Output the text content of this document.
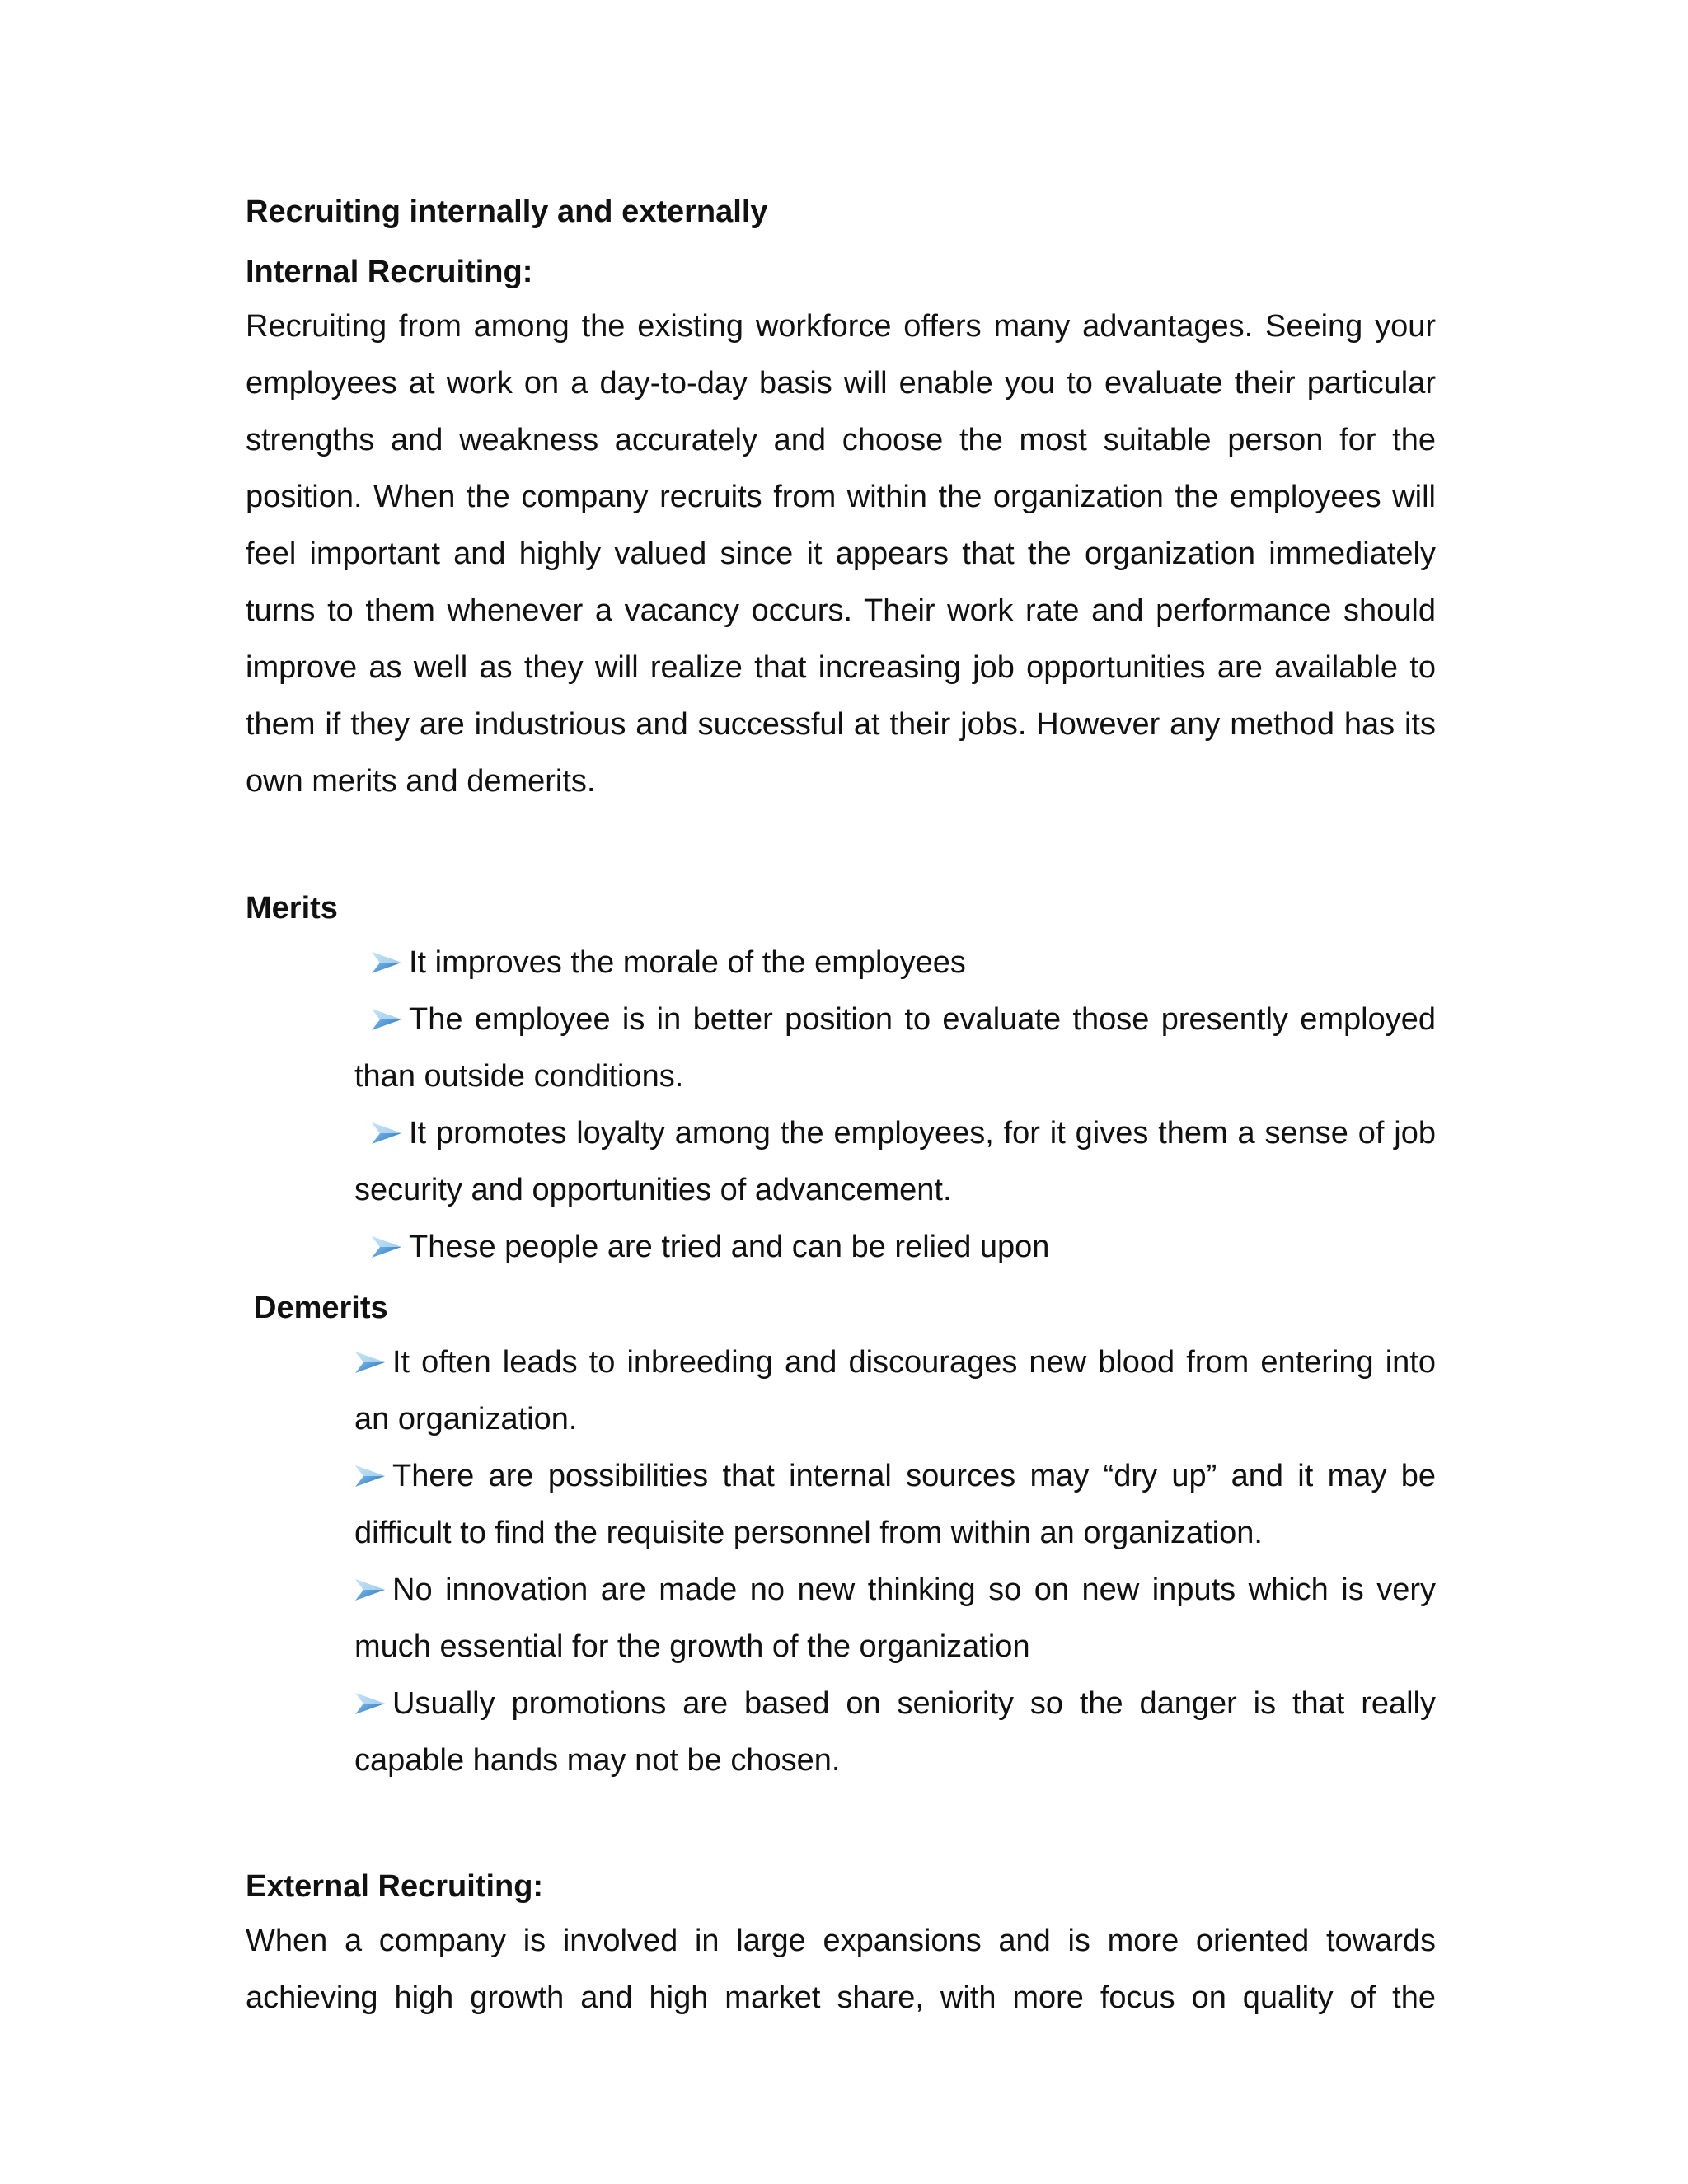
Recruiting internally and externally
Internal Recruiting:

Recruiting from among the existing workforce offers many advantages. Seeing your employees at work on a day-to-day basis will enable you to evaluate their particular strengths and weakness accurately and choose the most suitable person for the position. When the company recruits from within the organization the employees will feel important and highly valued since it appears that the organization immediately turns to them whenever a vacancy occurs. Their work rate and performance should improve as well as they will realize that increasing job opportunities are available to them if they are industrious and successful at their jobs. However any method has its own merits and demerits.

Merits
It improves the morale of the employees
The employee is in better position to evaluate those presently employed than outside conditions.
It promotes loyalty among the employees, for it gives them a sense of job security and opportunities of advancement.
These people are tried and can be relied upon
Demerits
It often leads to inbreeding and discourages new blood from entering into an organization.
There are possibilities that internal sources may “dry up” and it may be difficult to find the requisite personnel from within an organization.
No innovation are made no new thinking so on new inputs which is very much essential for the growth of the organization
Usually promotions are based on seniority so the danger is that really capable hands may not be chosen.
External Recruiting:

When a company is involved in large expansions and is more oriented towards achieving high growth and high market share, with more focus on quality of the
